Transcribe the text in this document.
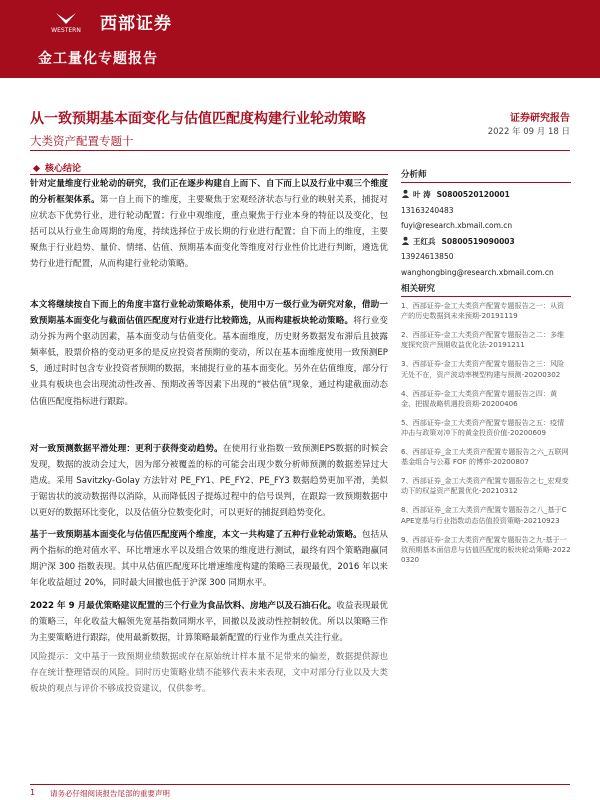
WESTERN 西部证券
金工量化专题报告
从一致预期基本面变化与估值匹配度构建行业轮动策略	证券研究报告
2022 年 09 月 18 日
大类资产配置专题十
核心结论

针对定量维度行业轮动的研究，我们正在逐步构建自上而下、自下而上以及行业中观三个维度的分析框架体系。第一自上而下的维度，主要聚焦于宏观经济状态与行业的映射关系，捕捉对应状态下优势行业，进行轮动配置；行业中观维度，重点聚焦于行业本身的特征以及变化，包括可以从行业生命周期的角度，持续选择位于成长期的行业进行配置；自下而上的维度，主要聚焦于行业趋势、量价、情绪、估值、预期基本面变化等维度对行业性价比进行判断，遴选优势行业进行配置，从而构建行业轮动策略。

本文将继续按自下而上的角度丰富行业轮动策略体系，使用中万一级行业为研究对象，借助一致预期基本面变化与截面估值匹配度对行业进行比较筛选，从而构建板块轮动策略。将行业变动分拆为两个驱动因素，基本面变动与估值变化。基本面维度，历史财务数据发布滞后且披露频率低，股票价格的变动更多的是反应投资者预期的变动，所以在基本面维度使用一致预测EPS，通过时时包含专业投资者预期的数据，来捕捉行业的基本面变化。另外在估值维度，部分行业具有板块也会出现流动性改善、预期改善等因素下出现的“被估值”现象，通过构建截面动态估值匹配度指标进行跟踪。

对一致预测数据平滑处理：更利于获得变动趋势。在使用行业指数一致预测EPS数据的时候会发现，数据的波动会过大，因为部分被覆盖的标的可能会出现少数分析师预测的数据差异过大造成。采用 Savitzky-Golay 方法针对 PE_FY1、PE_FY2、PE_FY3 数据趋势更加平滑，美似于锯齿状的波动数据得以消除，从而降低因子提炼过程中的信号误判，在跟踪一致预期数据中以更好的数据环比变化，以及估值分位数变化时，可以更好的捕捉到趋势变化。

基于一致预期基本面变化与估值匹配度两个维度，本文一共构建了五种行业轮动策略。包括从两个指标的绝对值水平、环比增速水平以及组合效果的维度进行测试，最终有四个策略跑赢同期沪深 300 指数表现。其中从估值匹配度环比增速维度构建的策略三表现最优，2016 年以来年化收益超过 20%，同时最大回撤也低于沪深 300 同期水平。

2022 年 9 月最优策略建议配置的三个行业为食品饮料、房地产以及石油石化。收益表现最优的策略三，年化收益大幅领先宽基指数同期水平，回撤以及波动性控制较优。所以以策略三作为主要策略进行跟踪，使用最新数据，计算策略最新配置的行业作为重点关注行业。

风险提示：文中基于一致预期业绩数据或存在原始统计样本量不足带来的偏差，数据提供源也存在统计整理错误的风险。同时历史策略业绩不能够代表未来表现，文中对部分行业以及大类板块的观点与评价不够成投资建议，仅供参考。

分析师
叶 涛 S0800520120001
13163240483
fuyi@research.xbmail.com.cn
王红兵 S0800519090003
13924613850
wanghongbing@research.xbmail.com.cn
相关研究
1、西部证券-金工大类资产配置专题报告之一：从资产的历史数据到未来预期-20191119
2、西部证券-金工大类资产配置专题报告之二：多维度探究资产预期收益优化法-20191211
3、西部证券-金工大类资产配置专题报告之三：风险无处不在，资产波动率模型构建与预测-20200302
4、西部证券-金工大类资产配置专题报告之四：黄金、把握战略机遇投资期-20200406
5、西部证券-金工大类资产配置专题报告之五：疫情冲击与政策对冲下的黄金投资价值-20200609
6、西部证券_金工大类资产配置专题报告之六_五联网基金组合与公募 FOF 的博弈-20200807
7、西部证券_金工大类资产配置专题报告之七_宏观变动下的权益资产配置优化-20210312
8、西部证券_金工大类资产配置专题报告之八_基于CAPE宽基与行业指数动态估值投资策略-20210923
9、西部证券-金工大类资产配置专题报告之九-基于一致预期基本面信息与估值匹配度的板块轮动策略-20220320
1 请务必仔细阅读报告尾部的重要声明
